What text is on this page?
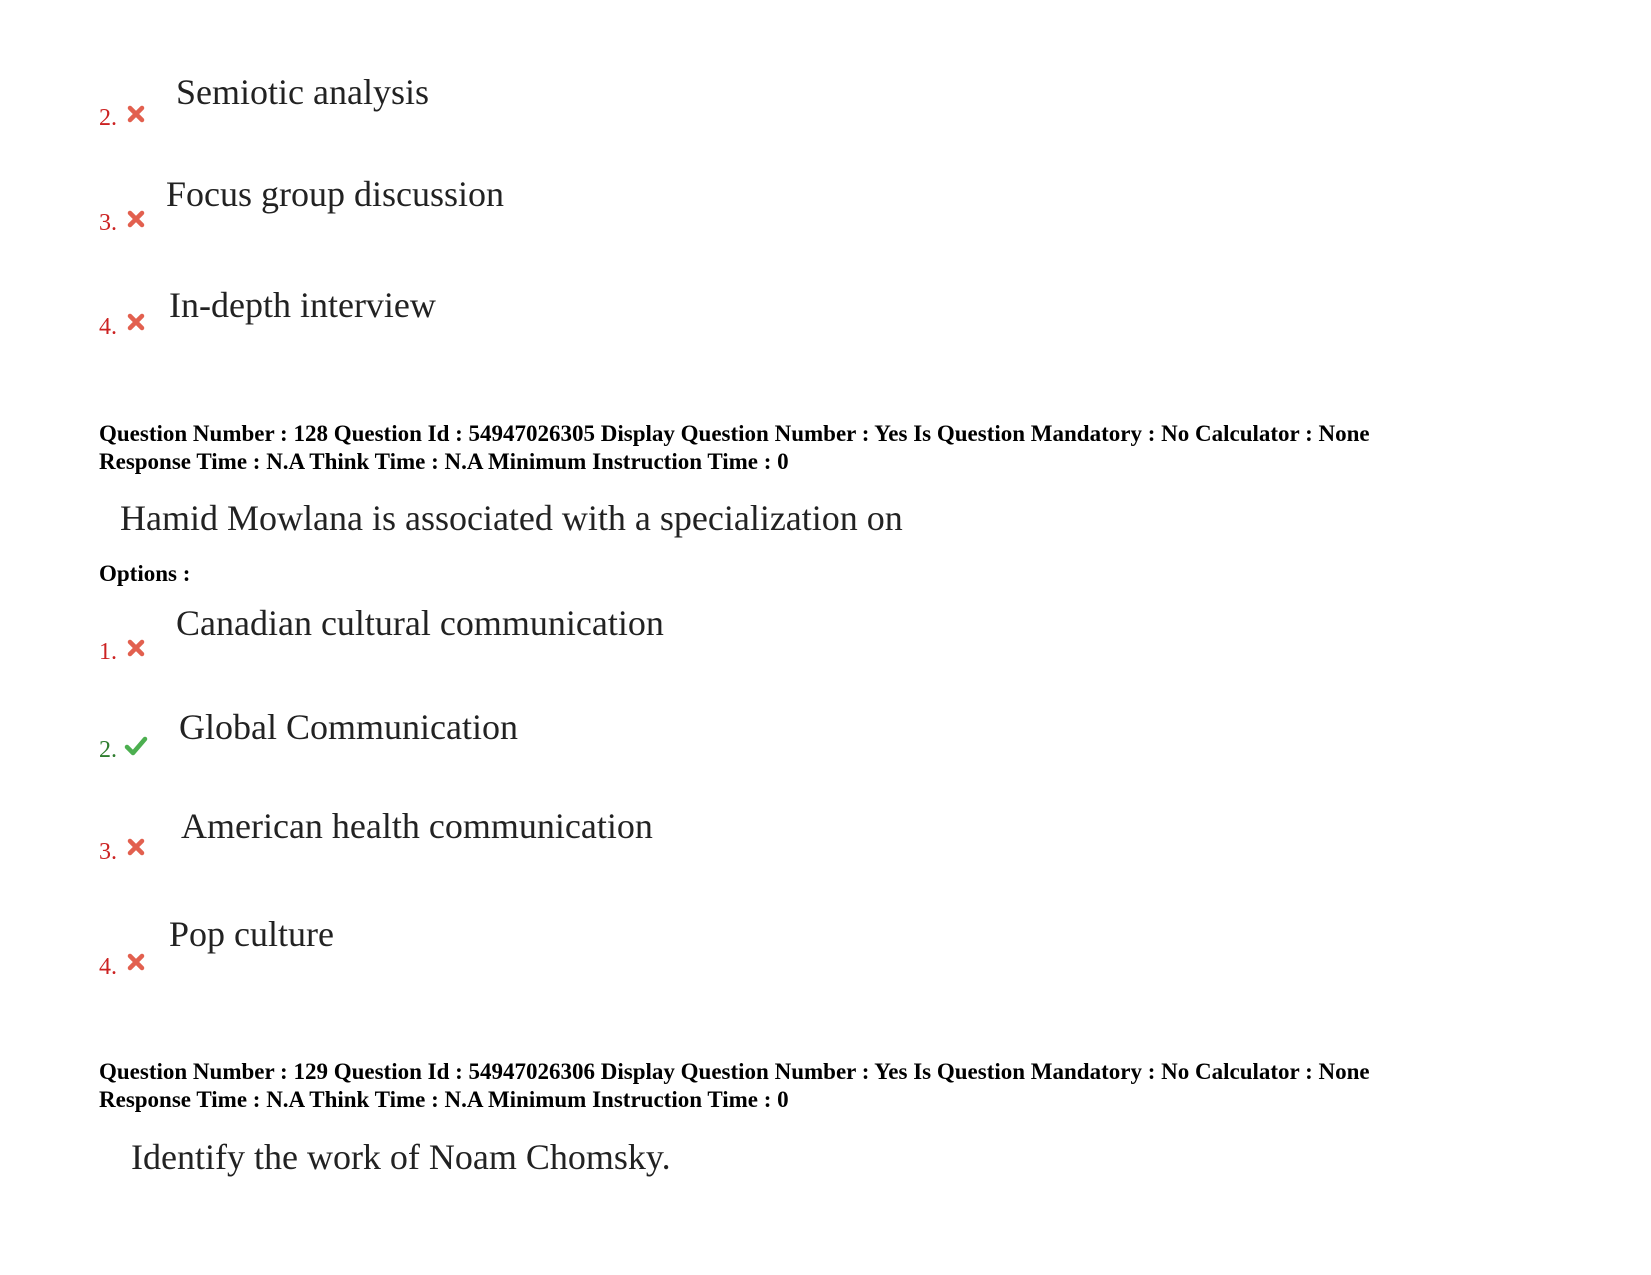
2.
Semiotic analysis
3.
Focus group discussion
4.
In-depth interview
Question Number : 128 Question Id : 54947026305 Display Question Number : Yes Is Question Mandatory : No Calculator : None
Response Time : N.A Think Time : N.A Minimum Instruction Time : 0
Hamid Mowlana is associated with a specialization on
Options :
1.
Canadian cultural communication
2.
Global Communication
3.
American health communication
4.
Pop culture
Question Number : 129 Question Id : 54947026306 Display Question Number : Yes Is Question Mandatory : No Calculator : None
Response Time : N.A Think Time : N.A Minimum Instruction Time : 0
Identify the work of Noam Chomsky.
